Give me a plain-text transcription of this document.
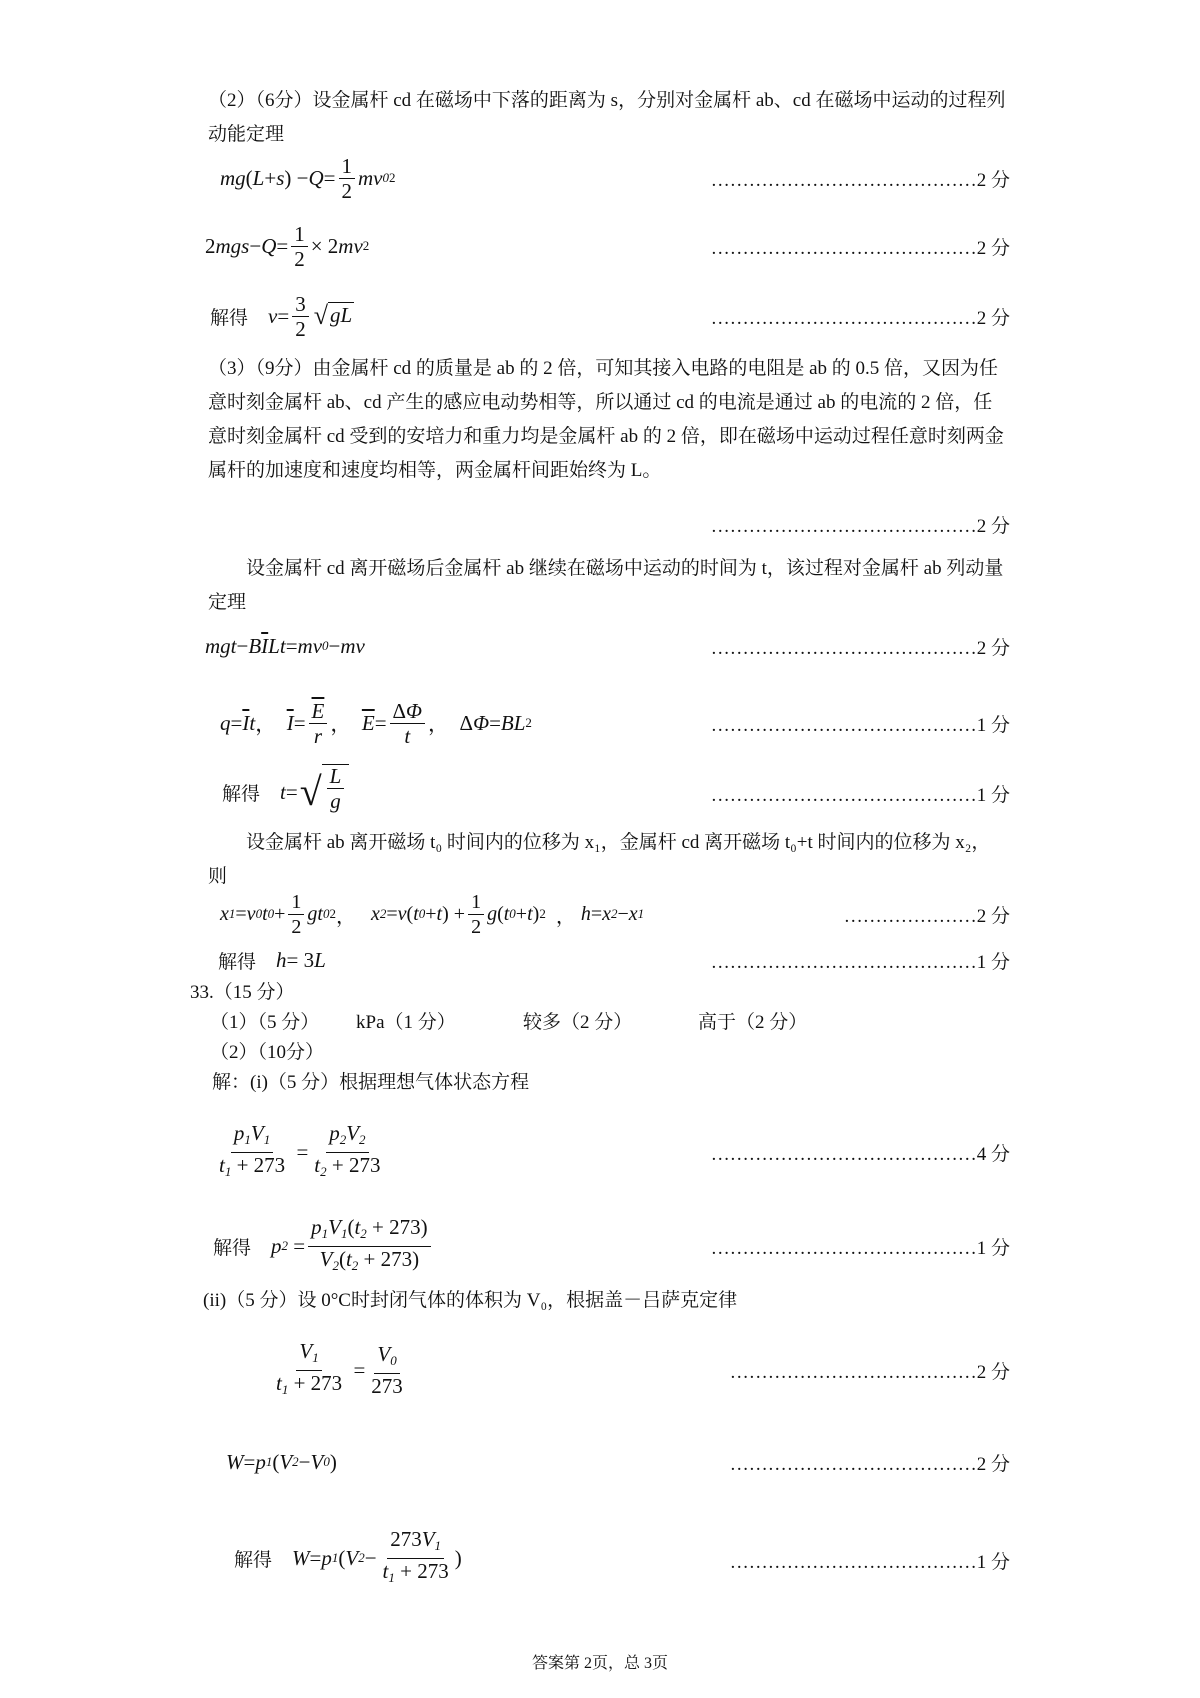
（2）（6分）设金属杆 cd 在磁场中下落的距离为 s，分别对金属杆 ab、cd 在磁场中运动的过程列动能定理
mg ( L + s ) − $Q = \frac{1}{2}$ mv 0 2	……………………………………2 分
2 mgs − $Q = \frac{1}{2} \times 2$ mv 2	……………………………………2 分
解得 $v = \frac{3}{2}$ √ gL	……………………………………2 分
（3）（9分）由金属杆 cd 的质量是 ab 的 2 倍，可知其接入电路的电阻是 ab 的 0.5 倍，又因为任意时刻金属杆 ab、cd 产生的感应电动势相等，所以通过 cd 的电流是通过 ab 的电流的 2 倍，任意时刻金属杆 cd 受到的安培力和重力均是金属杆 ab 的 2 倍，即在磁场中运动过程任意时刻两金属杆的加速度和速度均相等，两金属杆间距始终为 L。
……………………………………2 分
设金属杆 cd 离开磁场后金属杆 ab 继续在磁场中运动的时间为 t，该过程对金属杆 ab 列动量定理
mgt − B $\overline{I}$ Lt = mv 0 − mv	……………………………………2 分
$q = \overline{I}$ t ， $\overline{I} = \frac{\overline{E}}{r}$ ， $\overline{E} = \frac{\Delta\Phi}{t}$ ， Δ Φ = BL 2	……………………………………1 分
解得 t = √ $\frac{L}{g}$	……………………………………1 分
设金属杆 ab 离开磁场 t₀ 时间内的位移为 x₁，金属杆 cd 离开磁场 t₀+t 时间内的位移为 x₂，则
x 1 = v 0 t $0 + \frac{1}{2}$ gt 0 2 ， x 2 = v ( t 0 + t ) + $\frac{1}{2}$ g ( t 0 + t ) 2 ， h = x 2 − x 1	…………………2 分
解得 h = 3 L	……………………………………1 分
33.（15 分）
（1）（5 分） kPa（1 分）	较多（2 分）	高于（2 分）
（2）（10分）
解：(i)（5 分）根据理想气体状态方程
$\frac{p_1V_1}{t_1 + 273} = \frac{p_2V_2}{t_2 + 273}$	……………………………………4 分
解得 p $2 = \frac{p_1V_1(t_2 + 273)}{V_2(t_2 + 273)}$	……………………………………1 分
(ii)（5 分）设 0°C时封闭气体的体积为 V₀，根据盖－吕萨克定律
$\frac{V_1}{t_1 + 273} = \frac{V_0}{273}$	…………………………………2 分
W = p 1 ( V 2 − V 0 )	…………………………………2 分
解得 W = p 1 ( V $2 - \frac{273V_1}{t_1 + 273}$ )	…………………………………1 分
答案第 2页，总 3页
